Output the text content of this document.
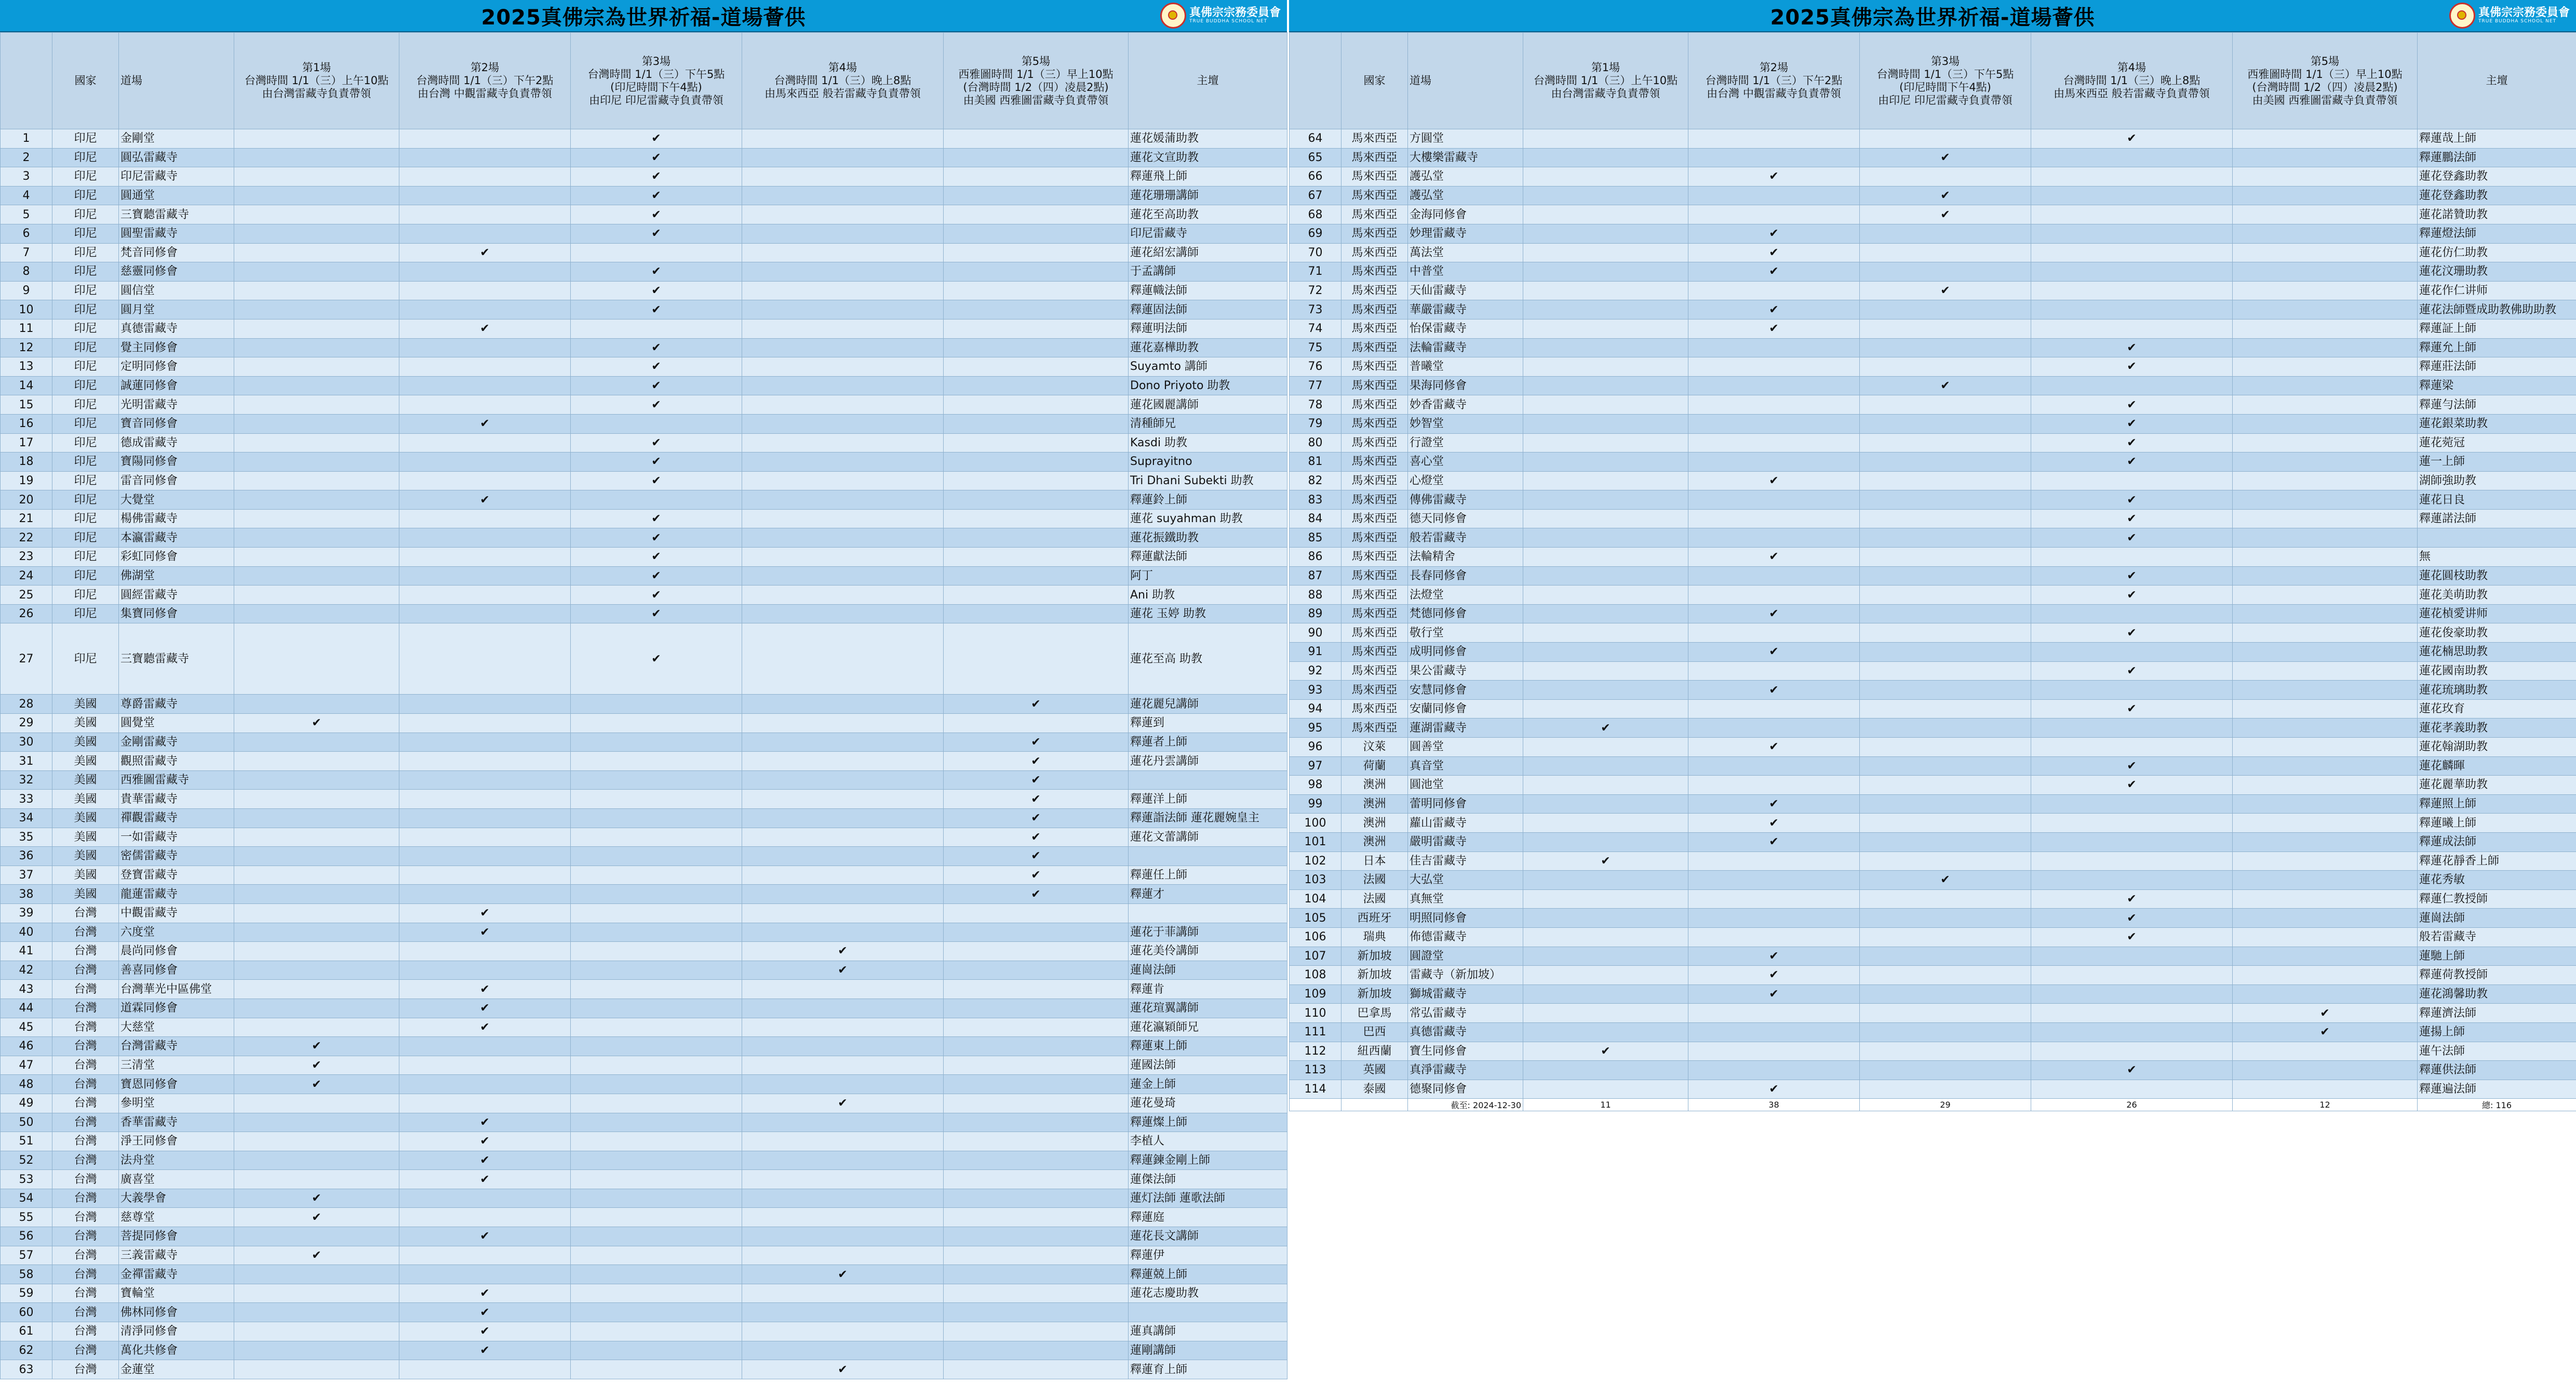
2025真佛宗為世界祈福-道場薈供	真佛宗宗務委員會
TRUE BUDDHA SCHOOL NET
	國家	道場	第1場
台灣時間 1/1（三）上午10點
由台灣雷藏寺負責帶領	第2場
台灣時間 1/1（三）下午2點
由台灣 中觀雷藏寺負責帶領	第3場
台灣時間 1/1（三）下午5點
(印尼時間下午4點)
由印尼 印尼雷藏寺負責帶領	第4場
台灣時間 1/1（三）晚上8點
由馬來西亞 般若雷藏寺負責帶領	第5場
西雅圖時間 1/1（三）早上10點
(台灣時間 1/2（四）凌晨2點)
由美國 西雅圖雷藏寺負責帶領	主壇
1	印尼	金剛堂			✔			蓮花媛蒲助教
2	印尼	圓弘雷藏寺			✔			蓮花文宣助教
3	印尼	印尼雷藏寺			✔			釋蓮飛上師
4	印尼	圓通堂			✔			蓮花珊珊講師
5	印尼	三寶聽雷藏寺			✔			蓮花至高助教
6	印尼	圓聖雷藏寺			✔			印尼雷藏寺
7	印尼	梵音同修會		✔				蓮花紹宏講師
8	印尼	慈靈同修會			✔			于孟講師
9	印尼	圓信堂			✔			釋蓮幟法師
10	印尼	圓月堂			✔			釋蓮固法師
11	印尼	真德雷藏寺		✔				釋蓮明法師
12	印尼	覺主同修會			✔			蓮花嘉樺助教
13	印尼	定明同修會			✔			Suyamto 講師
14	印尼	誠蓮同修會			✔			Dono Priyoto 助教
15	印尼	光明雷藏寺			✔			蓮花國麗講師
16	印尼	寶音同修會		✔				清種師兄
17	印尼	德成雷藏寺			✔			Kasdi 助教
18	印尼	寶陽同修會			✔			Suprayitno
19	印尼	雷音同修會			✔			Tri Dhani Subekti 助教
20	印尼	大覺堂		✔				釋蓮鈴上師
21	印尼	楊佛雷藏寺			✔			蓮花 suyahman 助教
22	印尼	本瀛雷藏寺			✔			蓮花振鐵助教
23	印尼	彩虹同修會			✔			釋蓮獻法師
24	印尼	佛湖堂			✔			阿丁
25	印尼	圓經雷藏寺			✔			Ani 助教
26	印尼	集寶同修會			✔			蓮花 玉婷 助教
27	印尼	三寶聽雷藏寺			✔			蓮花至高 助教
28	美國	尊爵雷藏寺					✔	蓮花麗兒講師
29	美國	圓覺堂	✔					釋蓮到
30	美國	金剛雷藏寺					✔	釋蓮者上師
31	美國	觀照雷藏寺					✔	蓮花丹雲講師
32	美國	西雅圖雷藏寺					✔	
33	美國	貴華雷藏寺					✔	釋蓮洋上師
34	美國	禪觀雷藏寺					✔	釋蓮詣法師 蓮花麗婉皇主
35	美國	一如雷藏寺					✔	蓮花文蕾講師
36	美國	密儒雷藏寺					✔	
37	美國	登寶雷藏寺					✔	釋蓮任上師
38	美國	龍蓮雷藏寺					✔	釋蓮才
39	台灣	中觀雷藏寺		✔				
40	台灣	六度堂		✔				蓮花于菲講師
41	台灣	晨尚同修會				✔		蓮花美伶講師
42	台灣	善喜同修會				✔		蓮崗法師
43	台灣	台灣華光中區佛堂		✔				釋蓮肯
44	台灣	道霖同修會		✔				蓮花瑄翼講師
45	台灣	大慈堂		✔				蓮花瀛穎師兄
46	台灣	台灣雷藏寺	✔					釋蓮東上師
47	台灣	三清堂	✔					蓮國法師
48	台灣	寶恩同修會	✔					蓮金上師
49	台灣	參明堂				✔		蓮花曼琦
50	台灣	香華雷藏寺		✔				釋蓮燦上師
51	台灣	淨王同修會		✔				李植人
52	台灣	法舟堂		✔				釋蓮鍊金剛上師
53	台灣	廣喜堂		✔				蓮傑法師
54	台灣	大義學會	✔					蓮灯法師 蓮歌法師
55	台灣	慈尊堂	✔					釋蓮庭
56	台灣	菩提同修會		✔				蓮花長文講師
57	台灣	三義雷藏寺	✔					釋蓮伊
58	台灣	金禪雷藏寺				✔		釋蓮兢上師
59	台灣	寶輪堂		✔				蓮花志慶助教
60	台灣	佛林同修會		✔				
61	台灣	清淨同修會		✔				蓮真講師
62	台灣	萬化共修會		✔				蓮剛講師
63	台灣	金蓮堂				✔		釋蓮育上師
2025真佛宗為世界祈福-道場薈供	真佛宗宗務委員會
TRUE BUDDHA SCHOOL NET
	國家	道場	第1場
台灣時間 1/1（三）上午10點
由台灣雷藏寺負責帶領	第2場
台灣時間 1/1（三）下午2點
由台灣 中觀雷藏寺負責帶領	第3場
台灣時間 1/1（三）下午5點
(印尼時間下午4點)
由印尼 印尼雷藏寺負責帶領	第4場
台灣時間 1/1（三）晚上8點
由馬來西亞 般若雷藏寺負責帶領	第5場
西雅圖時間 1/1（三）早上10點
(台灣時間 1/2（四）凌晨2點)
由美國 西雅圖雷藏寺負責帶領	主壇
64	馬來西亞	方圓堂				✔		釋蓮哉上師
65	馬來西亞	大樓樂雷藏寺			✔			釋蓮鵬法師
66	馬來西亞	護弘堂		✔				蓮花登鑫助教
67	馬來西亞	護弘堂			✔			蓮花登鑫助教
68	馬來西亞	金海同修會			✔			蓮花諾贊助教
69	馬來西亞	妙理雷藏寺		✔				釋蓮燈法師
70	馬來西亞	萬法堂		✔				蓮花仿仁助教
71	馬來西亞	中普堂		✔				蓮花汶珊助教
72	馬來西亞	天仙雷藏寺			✔			蓮花作仁讲师
73	馬來西亞	華嚴雷藏寺		✔				蓮花法師暨成助教佛助助教
74	馬來西亞	怡保雷藏寺		✔				釋蓮証上師
75	馬來西亞	法輪雷藏寺				✔		釋蓮允上師
76	馬來西亞	普曦堂				✔		釋蓮莊法師
77	馬來西亞	果海同修會			✔			釋蓮梁
78	馬來西亞	妙香雷藏寺				✔		釋蓮勻法師
79	馬來西亞	妙智堂				✔		蓮花銀菜助教
80	馬來西亞	行證堂				✔		蓮花菀冠
81	馬來西亞	喜心堂				✔		蓮一上師
82	馬來西亞	心燈堂		✔				湖師強助教
83	馬來西亞	傳佛雷藏寺				✔		蓮花日良
84	馬來西亞	德天同修會				✔		釋蓮諾法師
85	馬來西亞	般若雷藏寺				✔		
86	馬來西亞	法輪精舍		✔				無
87	馬來西亞	長春同修會				✔		蓮花圓枝助教
88	馬來西亞	法燈堂				✔		蓮花美萌助教
89	馬來西亞	梵德同修會		✔				蓮花楨愛讲师
90	馬來西亞	敬行堂				✔		蓮花俊豪助教
91	馬來西亞	成明同修會		✔				蓮花楠思助教
92	馬來西亞	果公雷藏寺				✔		蓮花國南助教
93	馬來西亞	安慧同修會		✔				蓮花琉璃助教
94	馬來西亞	安蘭同修會				✔		蓮花玫育
95	馬來西亞	蓮湖雷藏寺	✔					蓮花孝義助教
96	汶萊	圓善堂		✔				蓮花翰湖助教
97	荷蘭	真音堂				✔		蓮花麟暉
98	澳洲	圓池堂				✔		蓮花麗華助教
99	澳洲	蕾明同修會		✔				釋蓮照上師
100	澳洲	蘿山雷藏寺		✔				釋蓮曦上師
101	澳洲	嚴明雷藏寺		✔				釋蓮成法師
102	日本	佳吉雷藏寺	✔					釋蓮花靜香上師
103	法國	大弘堂			✔			蓮花秀敏
104	法國	真無堂				✔		釋蓮仁教授師
105	西班牙	明照同修會				✔		蓮崗法師
106	瑞典	佈德雷藏寺				✔		般若雷藏寺
107	新加坡	圓證堂		✔				蓮馳上師
108	新加坡	雷藏寺（新加坡）		✔				釋蓮荷教授師
109	新加坡	獅城雷藏寺		✔				蓮花鴻馨助教
110	巴拿馬	常弘雷藏寺					✔	釋蓮濟法師
111	巴西	真德雷藏寺					✔	蓮揚上師
112	紐西蘭	寶生同修會	✔					蓮午法師
113	英國	真淨雷藏寺				✔		釋蓮供法師
114	泰國	德聚同修會		✔				釋蓮遍法師
		截至: 2024-12-30	11	38	29	26	12	總: 116
